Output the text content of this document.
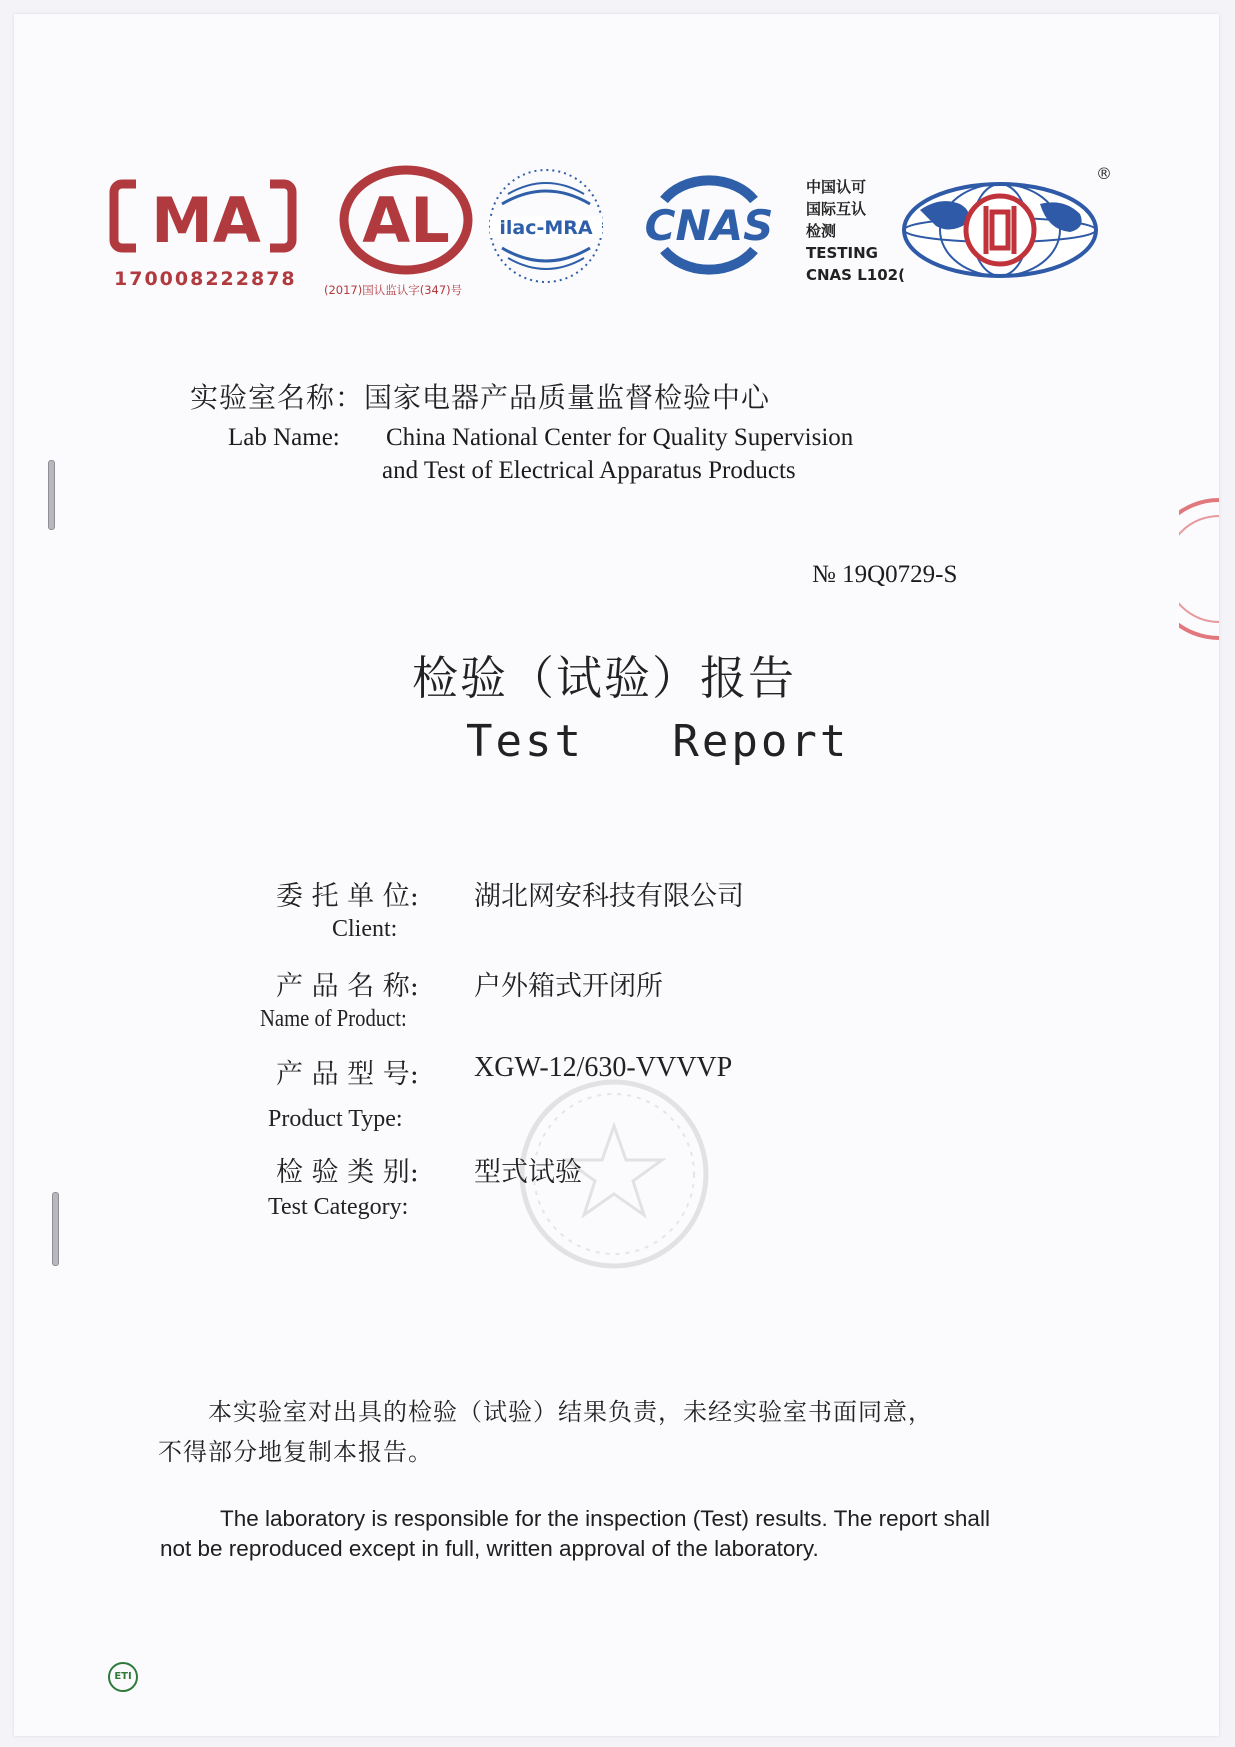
MA
170008222878
AL
(2017)国认监认字(347)号
ilac-MRA CNAS
中国认可
国际互认
检测
TESTING
CNAS L102(
®
实验室名称：国家电器产品质量监督检验中心
Lab Name: China National Center for Quality Supervision
and Test of Electrical Apparatus Products
№ 19Q0729-S
检验（试验）报告
Test   Report
委 托 单 位: 湖北网安科技有限公司
Client:
产 品 名 称: 户外箱式开闭所
Name of Product:
产 品 型 号: XGW-12/630-VVVVP
Product Type:
检 验 类 别: 型式试验
Test Category:
本实验室对出具的检验（试验）结果负责，未经实验室书面同意，
不得部分地复制本报告。
The laboratory is responsible for the inspection (Test) results. The report shall
not be reproduced except in full, written approval of the laboratory.
ETI
